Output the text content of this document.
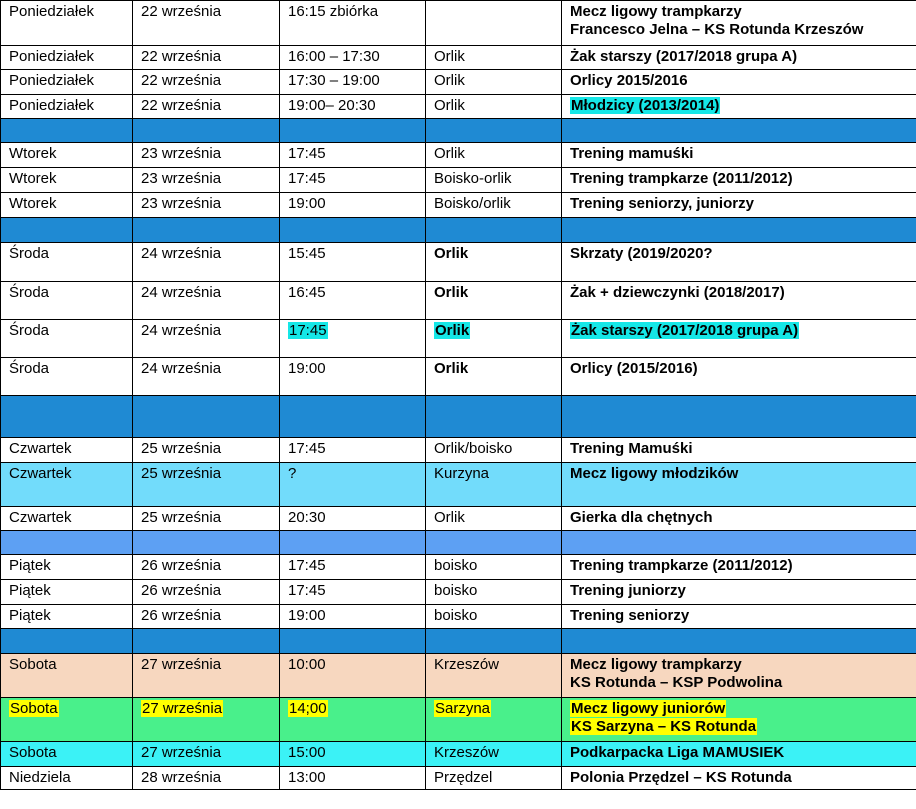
Poniedziałek	22 września	16:15 zbiórka		Mecz ligowy trampkarzy
Francesco Jelna – KS Rotunda Krzeszów
Poniedziałek	22 września	16:00 – 17:30	Orlik	Żak starszy (2017/2018 grupa A)
Poniedziałek	22 września	17:30 – 19:00	Orlik	Orlicy 2015/2016
Poniedziałek	22 września	19:00– 20:30	Orlik	Młodzicy (2013/2014)

Wtorek	23 września	17:45	Orlik	Trening mamuśki
Wtorek	23 września	17:45	Boisko-orlik	Trening trampkarze (2011/2012)
Wtorek	23 września	19:00	Boisko/orlik	Trening seniorzy, juniorzy

Środa	24 września	15:45	Orlik	Skrzaty (2019/2020?
Środa	24 września	16:45	Orlik	Żak + dziewczynki (2018/2017)
Środa	24 września	17:45	Orlik	Żak starszy (2017/2018 grupa A)
Środa	24 września	19:00	Orlik	Orlicy (2015/2016)

Czwartek	25 września	17:45	Orlik/boisko	Trening Mamuśki
Czwartek	25 września	?	Kurzyna	Mecz ligowy młodzików
Czwartek	25 września	20:30	Orlik	Gierka dla chętnych

Piątek	26 września	17:45	boisko	Trening trampkarze (2011/2012)
Piątek	26 września	17:45	boisko	Trening juniorzy
Piątek	26 września	19:00	boisko	Trening seniorzy

Sobota	27 września	10:00	Krzeszów	Mecz ligowy trampkarzy
KS Rotunda – KSP Podwolina
Sobota	27 września	14;00	Sarzyna	Mecz ligowy juniorów
KS Sarzyna – KS Rotunda
Sobota	27 września	15:00	Krzeszów	Podkarpacka Liga MAMUSIEK
Niedziela	28 września	13:00	Przędzel	Polonia Przędzel – KS Rotunda
